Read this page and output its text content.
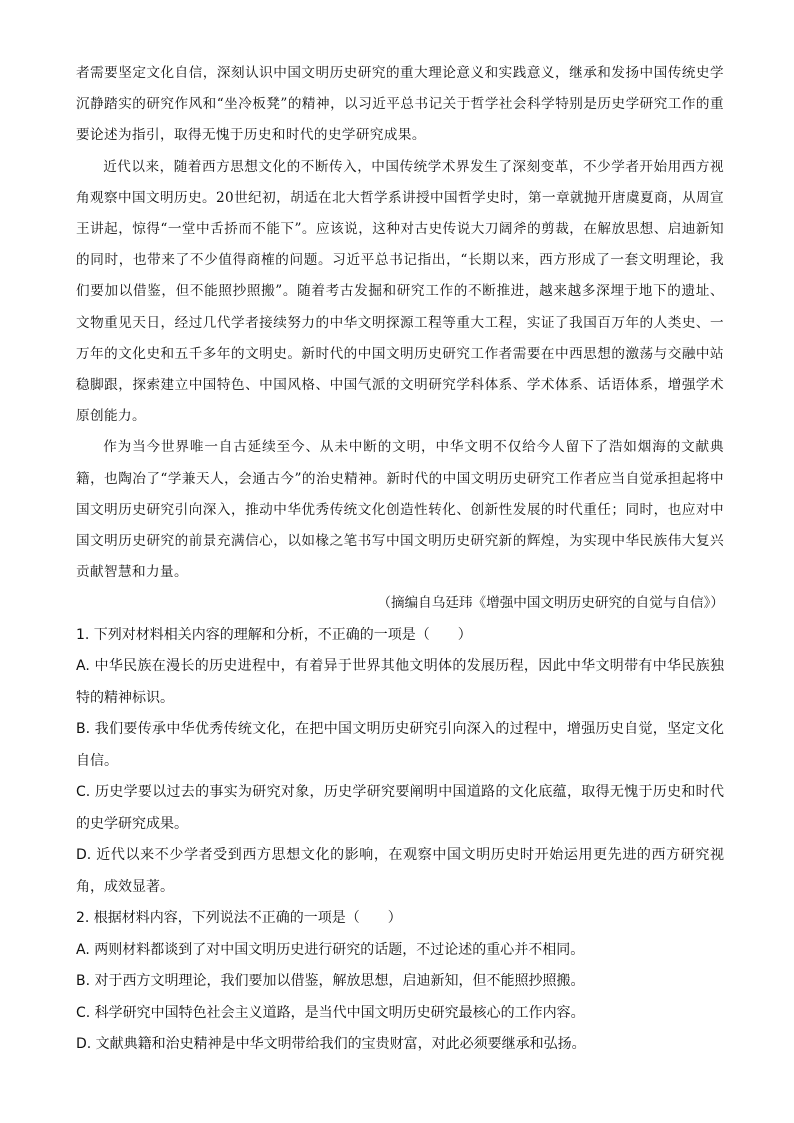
者需要坚定文化自信，深刻认识中国文明历史研究的重大理论意义和实践意义，继承和发扬中国传统史学沉静踏实的研究作风和“坐冷板凳”的精神，以习近平总书记关于哲学社会科学特别是历史学研究工作的重要论述为指引，取得无愧于历史和时代的史学研究成果。

近代以来，随着西方思想文化的不断传入，中国传统学术界发生了深刻变革，不少学者开始用西方视角观察中国文明历史。20世纪初，胡适在北大哲学系讲授中国哲学史时，第一章就抛开唐虞夏商，从周宣王讲起，惊得“一堂中舌挢而不能下”。应该说，这种对古史传说大刀阔斧的剪裁，在解放思想、启迪新知的同时，也带来了不少值得商榷的问题。习近平总书记指出，“长期以来，西方形成了一套文明理论，我们要加以借鉴，但不能照抄照搬”。随着考古发掘和研究工作的不断推进，越来越多深埋于地下的遗址、文物重见天日，经过几代学者接续努力的中华文明探源工程等重大工程，实证了我国百万年的人类史、一万年的文化史和五千多年的文明史。新时代的中国文明历史研究工作者需要在中西思想的激荡与交融中站稳脚跟，探索建立中国特色、中国风格、中国气派的文明研究学科体系、学术体系、话语体系，增强学术原创能力。

作为当今世界唯一自古延续至今、从未中断的文明，中华文明不仅给今人留下了浩如烟海的文献典籍，也陶冶了“学兼天人，会通古今”的治史精神。新时代的中国文明历史研究工作者应当自觉承担起将中国文明历史研究引向深入，推动中华优秀传统文化创造性转化、创新性发展的时代重任；同时，也应对中国文明历史研究的前景充满信心，以如椽之笔书写中国文明历史研究新的辉煌，为实现中华民族伟大复兴贡献智慧和力量。

（摘编自乌廷玮《增强中国文明历史研究的自觉与自信》）

1. 下列对材料相关内容的理解和分析，不正确的一项是（　　）

A. 中华民族在漫长的历史进程中，有着异于世界其他文明体的发展历程，因此中华文明带有中华民族独特的精神标识。

B. 我们要传承中华优秀传统文化，在把中国文明历史研究引向深入的过程中，增强历史自觉，坚定文化自信。

C. 历史学要以过去的事实为研究对象，历史学研究要阐明中国道路的文化底蕴，取得无愧于历史和时代的史学研究成果。

D. 近代以来不少学者受到西方思想文化的影响，在观察中国文明历史时开始运用更先进的西方研究视角，成效显著。

2. 根据材料内容，下列说法不正确的一项是（　　）

A. 两则材料都谈到了对中国文明历史进行研究的话题，不过论述的重心并不相同。

B. 对于西方文明理论，我们要加以借鉴，解放思想，启迪新知，但不能照抄照搬。

C. 科学研究中国特色社会主义道路，是当代中国文明历史研究最核心的工作内容。

D. 文献典籍和治史精神是中华文明带给我们的宝贵财富，对此必须要继承和弘扬。
